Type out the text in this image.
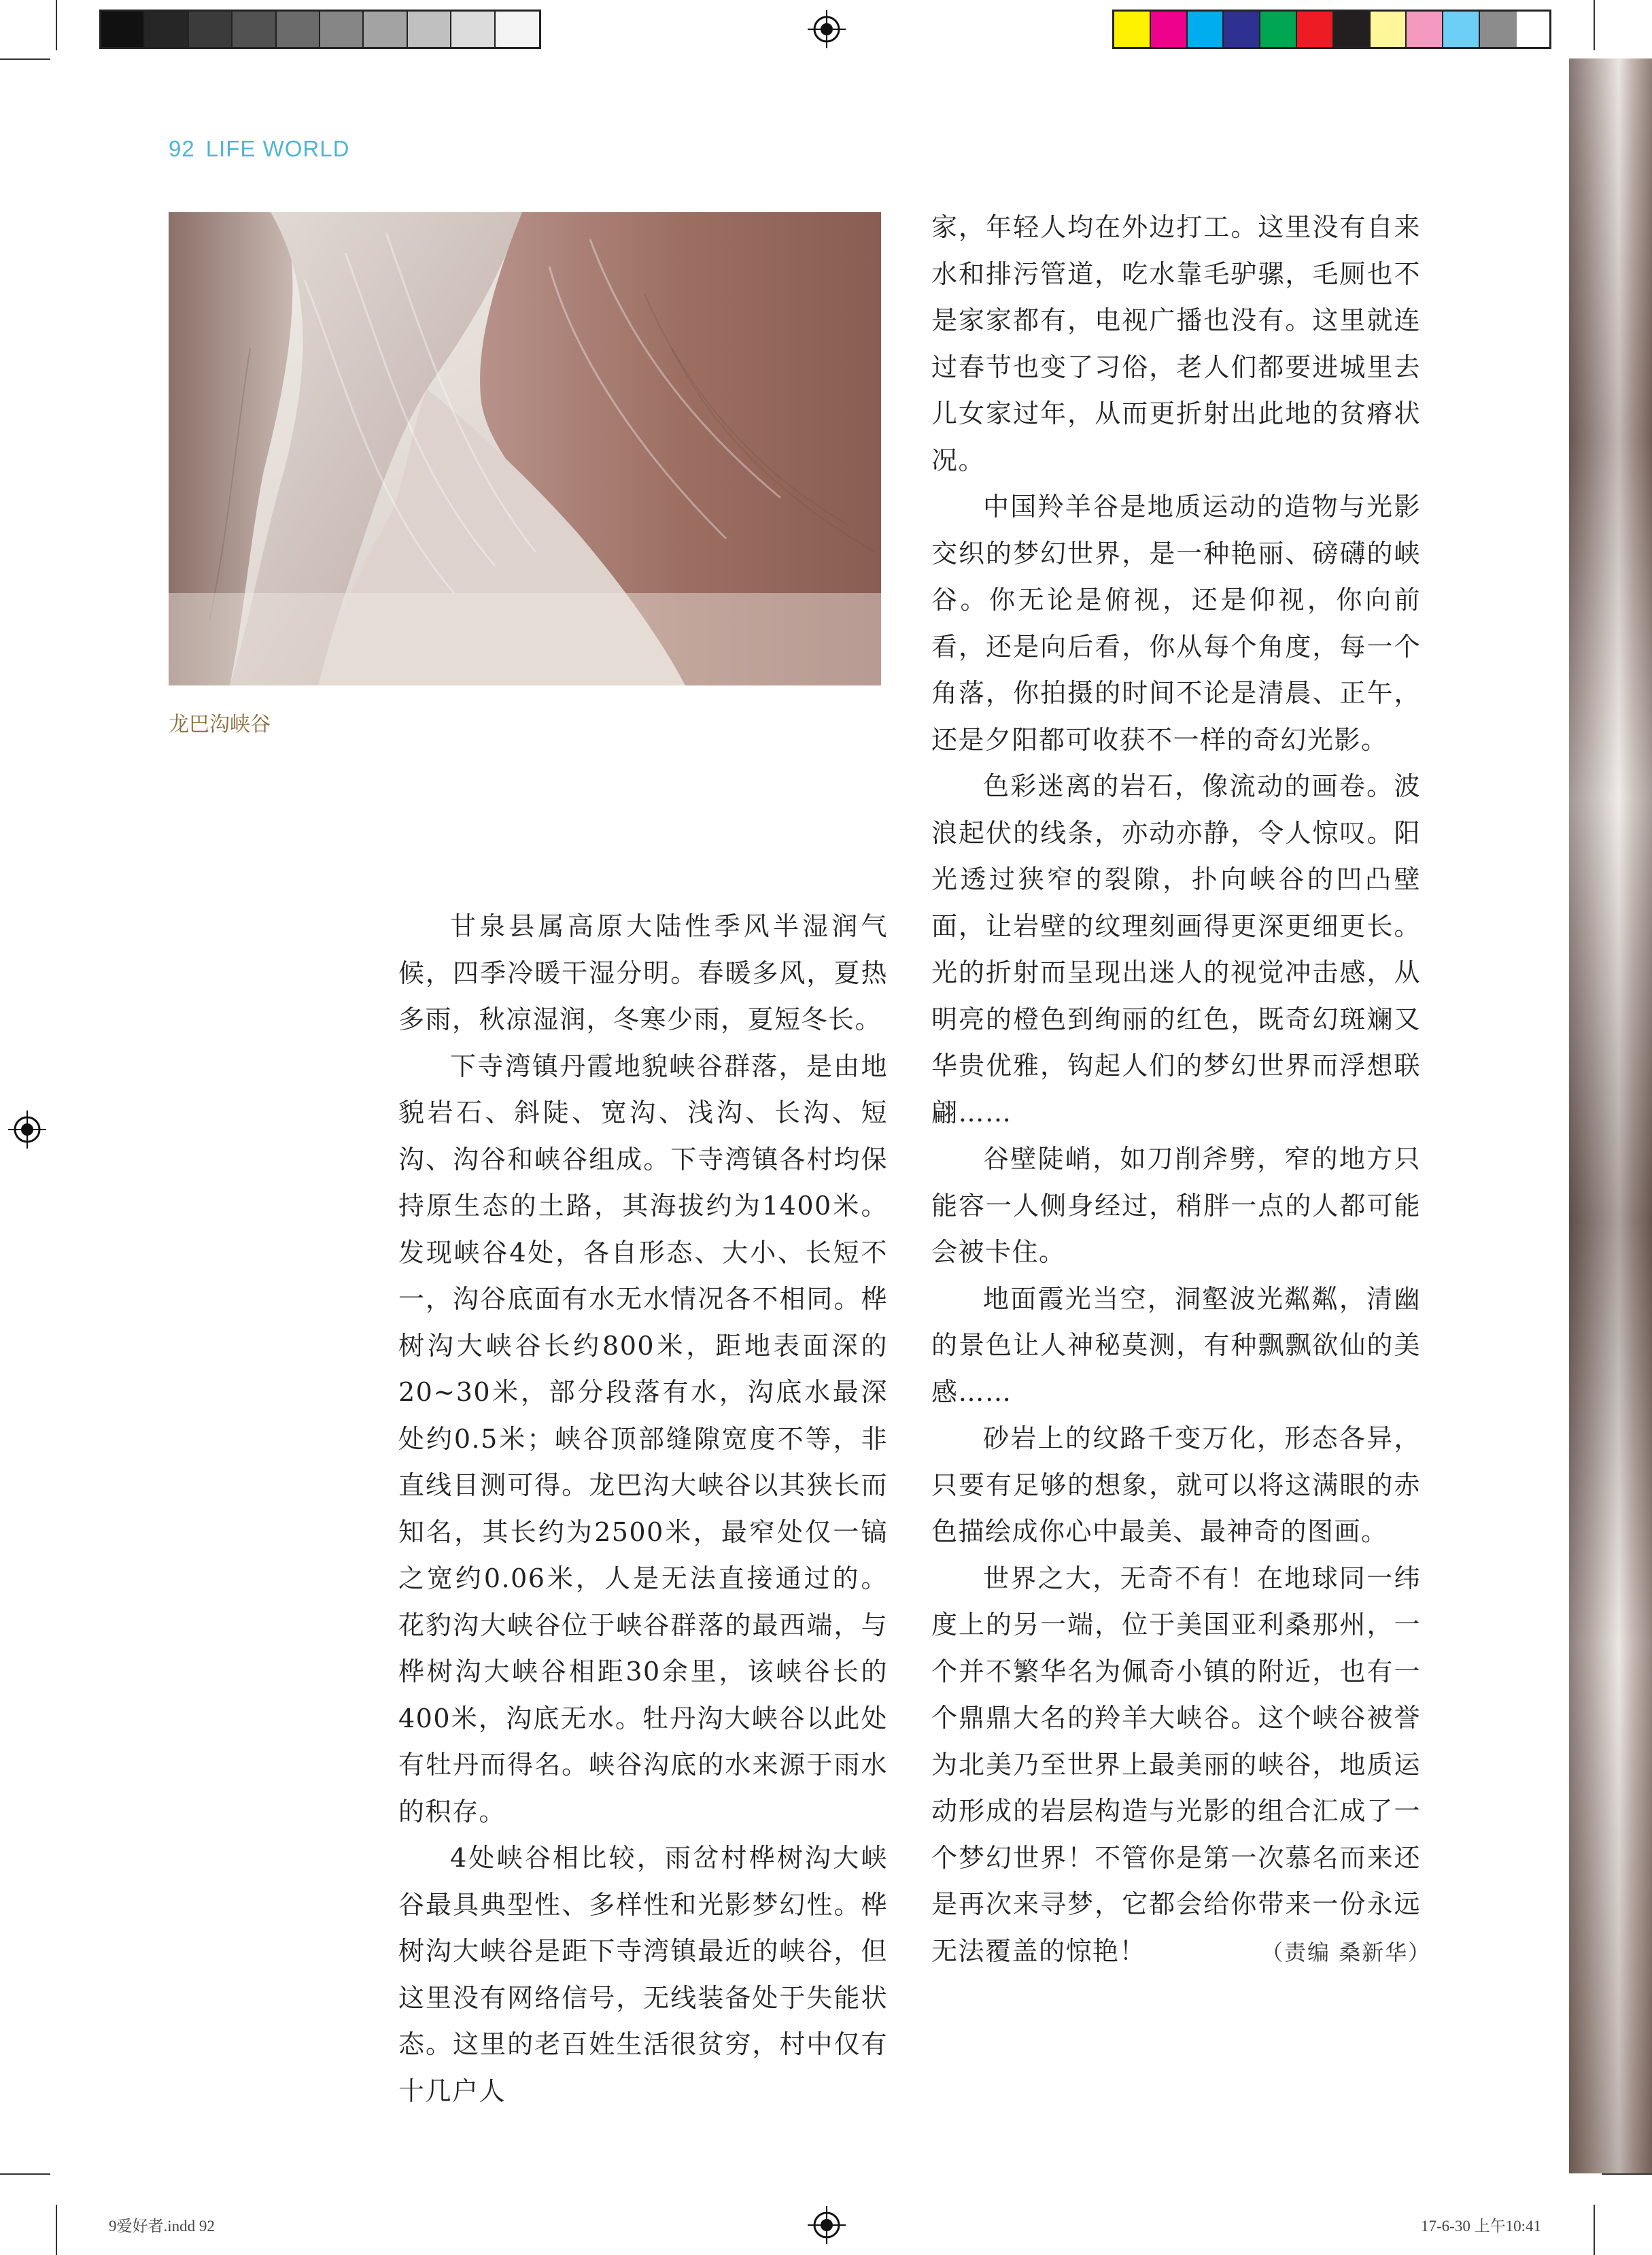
92 LIFE WORLD
龙巴沟峡谷

甘泉县属高原大陆性季风半湿润气候，四季冷暖干湿分明。春暖多风，夏热多雨，秋凉湿润，冬寒少雨，夏短冬长。

下寺湾镇丹霞地貌峡谷群落，是由地貌岩石、斜陡、宽沟、浅沟、长沟、短沟、沟谷和峡谷组成。下寺湾镇各村均保持原生态的土路，其海拔约为1400米。发现峡谷4处，各自形态、大小、长短不一，沟谷底面有水无水情况各不相同。桦树沟大峡谷长约800米，距地表面深的20~30米，部分段落有水，沟底水最深处约0.5米；峡谷顶部缝隙宽度不等，非直线目测可得。龙巴沟大峡谷以其狭长而知名，其长约为2500米，最窄处仅一镐之宽约0.06米，人是无法直接通过的。花豹沟大峡谷位于峡谷群落的最西端，与桦树沟大峡谷相距30余里，该峡谷长的400米，沟底无水。牡丹沟大峡谷以此处有牡丹而得名。峡谷沟底的水来源于雨水的积存。

4处峡谷相比较，雨岔村桦树沟大峡谷最具典型性、多样性和光影梦幻性。桦树沟大峡谷是距下寺湾镇最近的峡谷，但这里没有网络信号，无线装备处于失能状态。这里的老百姓生活很贫穷，村中仅有十几户人

家，年轻人均在外边打工。这里没有自来水和排污管道，吃水靠毛驴骡，毛厕也不是家家都有，电视广播也没有。这里就连过春节也变了习俗，老人们都要进城里去儿女家过年，从而更折射出此地的贫瘠状况。

中国羚羊谷是地质运动的造物与光影交织的梦幻世界，是一种艳丽、磅礴的峡谷。你无论是俯视，还是仰视，你向前看，还是向后看，你从每个角度，每一个角落，你拍摄的时间不论是清晨、正午，还是夕阳都可收获不一样的奇幻光影。

色彩迷离的岩石，像流动的画卷。波浪起伏的线条，亦动亦静，令人惊叹。阳光透过狭窄的裂隙，扑向峡谷的凹凸壁面，让岩壁的纹理刻画得更深更细更长。光的折射而呈现出迷人的视觉冲击感，从明亮的橙色到绚丽的红色，既奇幻斑斓又华贵优雅，钩起人们的梦幻世界而浮想联翩……

谷壁陡峭，如刀削斧劈，窄的地方只能容一人侧身经过，稍胖一点的人都可能会被卡住。

地面霞光当空，洞壑波光粼粼，清幽的景色让人神秘莫测，有种飘飘欲仙的美感……

砂岩上的纹路千变万化，形态各异，只要有足够的想象，就可以将这满眼的赤色描绘成你心中最美、最神奇的图画。

世界之大，无奇不有！在地球同一纬度上的另一端，位于美国亚利桑那州，一个并不繁华名为佩奇小镇的附近，也有一个鼎鼎大名的羚羊大峡谷。这个峡谷被誉为北美乃至世界上最美丽的峡谷，地质运动形成的岩层构造与光影的组合汇成了一个梦幻世界！不管你是第一次慕名而来还是再次来寻梦，它都会给你带来一份永远无法覆盖的惊艳！	（责编 桑新华）
9爱好者.indd 92	17-6-30 上午10:41
